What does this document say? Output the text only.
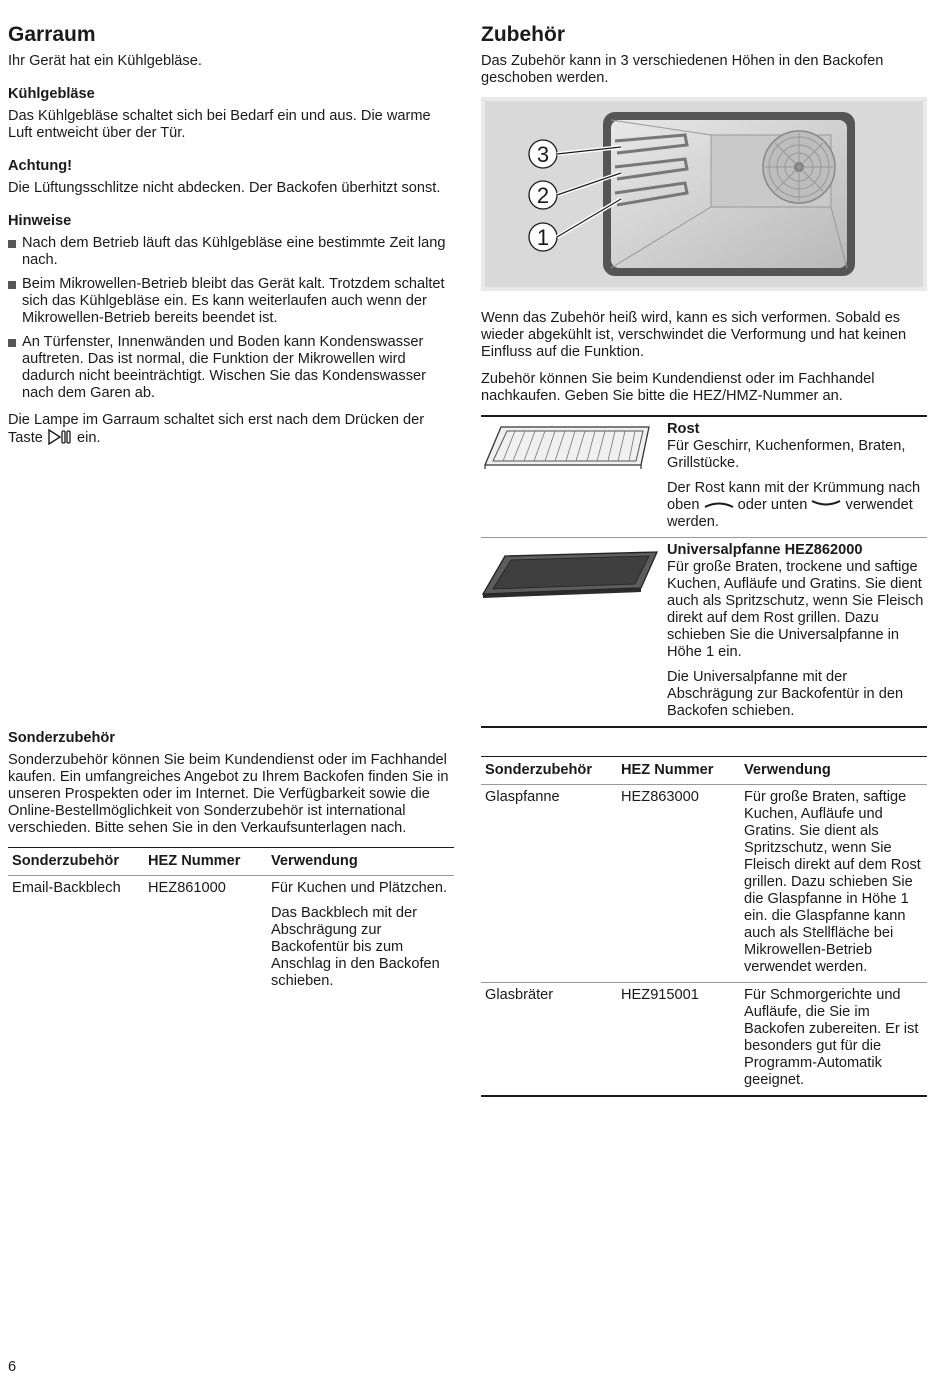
Garraum

Ihr Gerät hat ein Kühlgebläse.

Kühlgebläse

Das Kühlgebläse schaltet sich bei Bedarf ein und aus. Die warme Luft entweicht über der Tür.

Achtung!

Die Lüftungsschlitze nicht abdecken. Der Backofen überhitzt sonst.

Hinweise
Nach dem Betrieb läuft das Kühlgebläse eine bestimmte Zeit lang nach.
Beim Mikrowellen-Betrieb bleibt das Gerät kalt. Trotzdem schaltet sich das Kühlgebläse ein. Es kann weiterlaufen auch wenn der Mikrowellen-Betrieb bereits beendet ist.
An Türfenster, Innenwänden und Boden kann Kondenswasser auftreten. Das ist normal, die Funktion der Mikrowellen wird dadurch nicht beeinträchtigt. Wischen Sie das Kondenswasser nach dem Garen ab.

Die Lampe im Garraum schaltet sich erst nach dem Drücken der Taste ein.

Zubehör

Das Zubehör kann in 3 verschiedenen Höhen in den Backofen geschoben werden.

3
2
1

Wenn das Zubehör heiß wird, kann es sich verformen. Sobald es wieder abgekühlt ist, verschwindet die Verformung und hat keinen Einfluss auf die Funktion.

Zubehör können Sie beim Kundendienst oder im Fachhandel nachkaufen. Geben Sie bitte die HEZ/HMZ-Nummer an.

Rost

Für Geschirr, Kuchenformen, Braten, Grillstücke.

Der Rost kann mit der Krümmung nach oben oder unten verwendet werden.

Universalpfanne HEZ862000

Für große Braten, trockene und saftige Kuchen, Aufläufe und Gratins. Sie dient auch als Spritzschutz, wenn Sie Fleisch direkt auf dem Rost grillen. Dazu schieben Sie die Universalpfanne in Höhe 1 ein.

Die Universalpfanne mit der Abschrägung zur Backofentür in den Backofen schieben.

Sonderzubehör

Sonderzubehör können Sie beim Kundendienst oder im Fachhandel kaufen. Ein umfangreiches Angebot zu Ihrem Backofen finden Sie in unseren Prospekten oder im Internet. Die Verfügbarkeit sowie die Online-Bestellmöglichkeit von Sonderzubehör ist international verschieden. Bitte sehen Sie in den Verkaufsunterlagen nach.

Sonderzubehör	HEZ Nummer	Verwendung
Email-Backblech	HEZ861000	Für Kuchen und Plätzchen.

Das Backblech mit der Abschrägung zur Backofentür bis zum Anschlag in den Backofen schieben.

Sonderzubehör	HEZ Nummer	Verwendung
Glaspfanne	HEZ863000	Für große Braten, saftige Kuchen, Aufläufe und Gratins. Sie dient als Spritzschutz, wenn Sie Fleisch direkt auf dem Rost grillen. Dazu schieben Sie die Glaspfanne in Höhe 1 ein. die Glaspfanne kann auch als Stellfläche bei Mikrowellen-Betrieb verwendet werden.
Glasbräter	HEZ915001	Für Schmorgerichte und Aufläufe, die Sie im Backofen zubereiten. Er ist besonders gut für die Programm-Automatik geeignet.
6
